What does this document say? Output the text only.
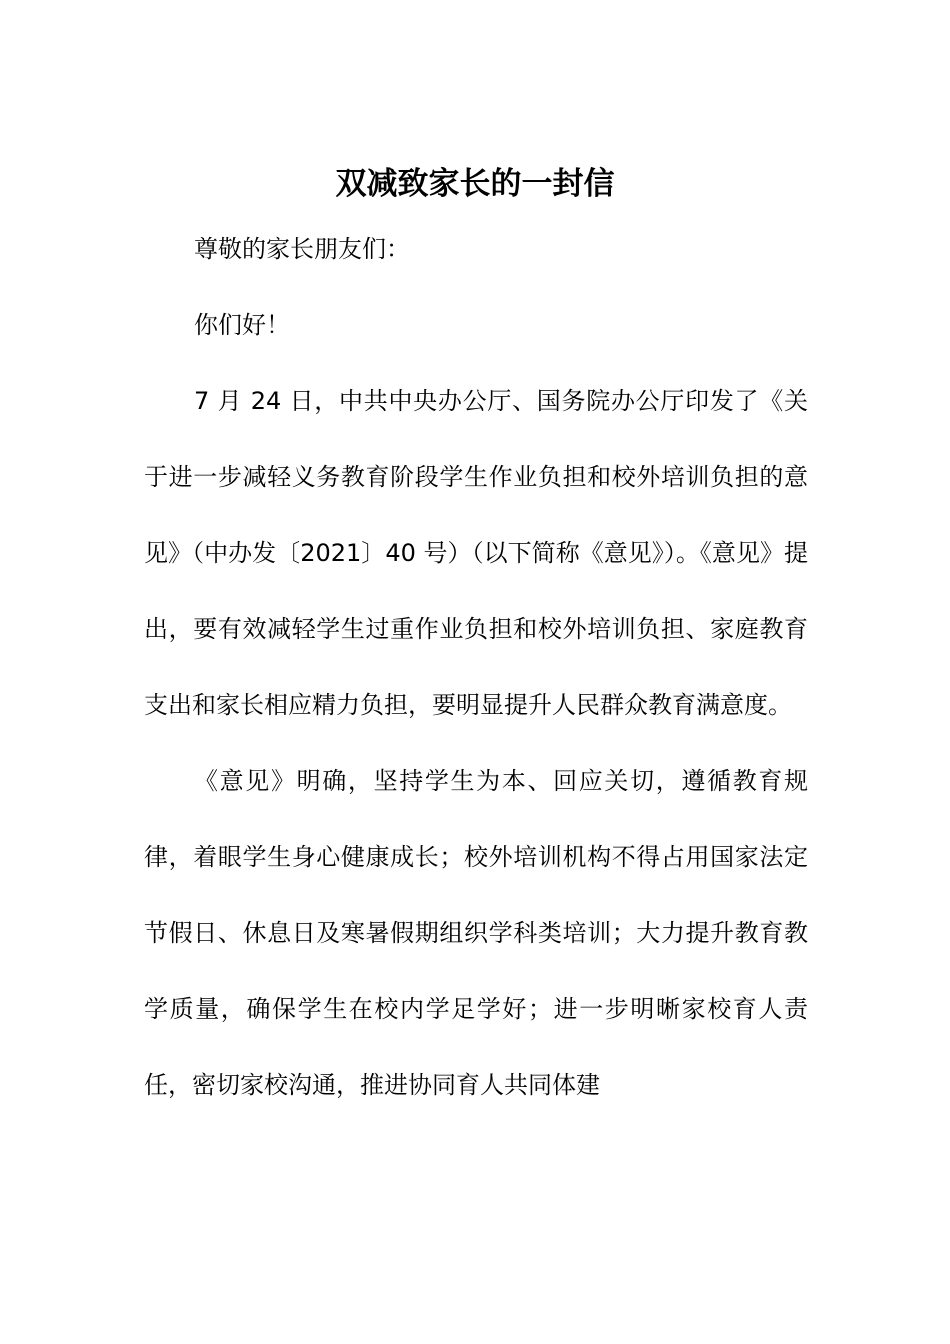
双减致家长的一封信

尊敬的家长朋友们：

你们好！

7 月 24 日，中共中央办公厅、国务院办公厅印发了《关于进一步减轻义务教育阶段学生作业负担和校外培训负担的意见》（中办发〔2021〕40 号）（以下简称《意见》）。《意见》提出，要有效减轻学生过重作业负担和校外培训负担、家庭教育支出和家长相应精力负担，要明显提升人民群众教育满意度。

《意见》明确，坚持学生为本、回应关切，遵循教育规律，着眼学生身心健康成长；校外培训机构不得占用国家法定节假日、休息日及寒暑假期组织学科类培训；大力提升教育教学质量，确保学生在校内学足学好；进一步明晰家校育人责任，密切家校沟通，推进协同育人共同体建
